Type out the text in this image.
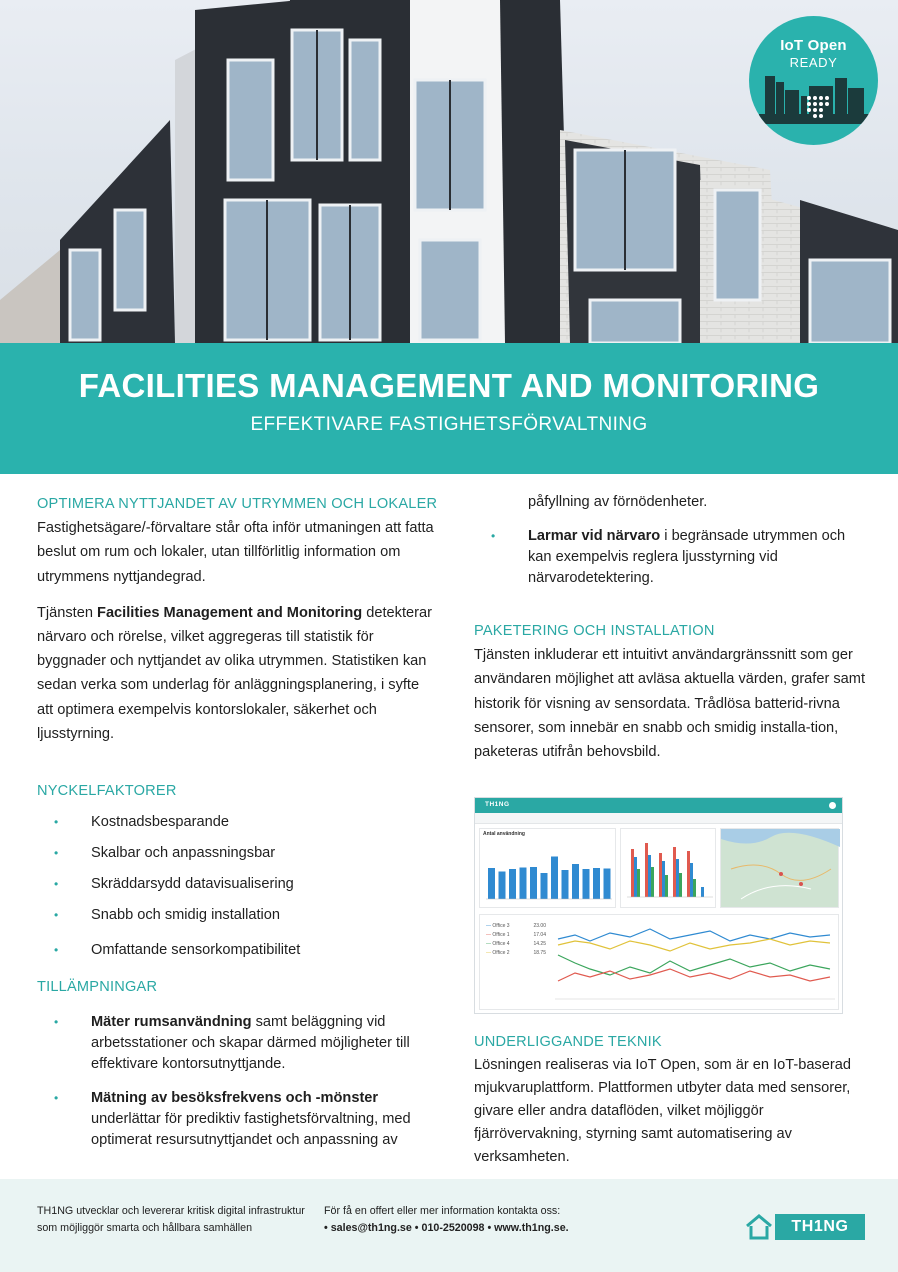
IoT Open
READY
FACILITIES MANAGEMENT AND MONITORING
EFFEKTIVARE FASTIGHETSFÖRVALTNING
OPTIMERA NYTTJANDET AV UTRYMMEN OCH LOKALER

Fastighetsägare/-förvaltare står ofta inför utmaningen att fatta beslut om rum och lokaler, utan tillförlitlig information om utrymmens nyttjandegrad.

Tjänsten Facilities Management and Monitoring detekterar närvaro och rörelse, vilket aggregeras till statistik för byggnader och nyttjandet av olika utrymmen. Statistiken kan sedan verka som underlag för anläggningsplanering, i syfte att optimera exempelvis kontorslokaler, säkerhet och ljusstyrning.

NYCKELFAKTORER
• Kostnadsbesparande
• Skalbar och anpassningsbar
• Skräddarsydd datavisualisering
• Snabb och smidig installation
• Omfattande sensorkompatibilitet
TILLÄMPNINGAR
• Mäter rumsanvändning samt beläggning vid arbetsstationer och skapar därmed möjligheter till effektivare kontorsutnyttjande.
• Mätning av besöksfrekvens och -mönster underlättar för prediktiv fastighetsförvaltning, med optimerat resursutnyttjandet och anpassning av

påfyllning av förnödenheter.

• Larmar vid närvaro i begränsade utrymmen och kan exempelvis reglera ljusstyrning vid närvarodetektering.
PAKETERING OCH INSTALLATION

Tjänsten inkluderar ett intuitivt användargränssnitt som ger användaren möjlighet att avläsa aktuella värden, grafer samt historik för visning av sensordata. Trådlösa batterid-rivna sensorer, som innebär en snabb och smidig installa-tion, paketeras utifrån behovsbild.

TH1NG
Antal användning
— Office 3	23.00
— Office 1	17.04
— Office 4	14.25
— Office 2	18.75
UNDERLIGGANDE TEKNIK

Lösningen realiseras via IoT Open, som är en IoT-baserad mjukvaruplattform. Plattformen utbyter data med sensorer, givare eller andra dataflöden, vilket möjliggör fjärrövervakning, styrning samt automatisering av verksamheten.

TH1NG utvecklar och levererar kritisk digital infrastruktur
som möjliggör smarta och hållbara samhällen
För få en offert eller mer information kontakta oss:
• sales@th1ng.se • 010-2520098 • www.th1ng.se.	TH1NG
